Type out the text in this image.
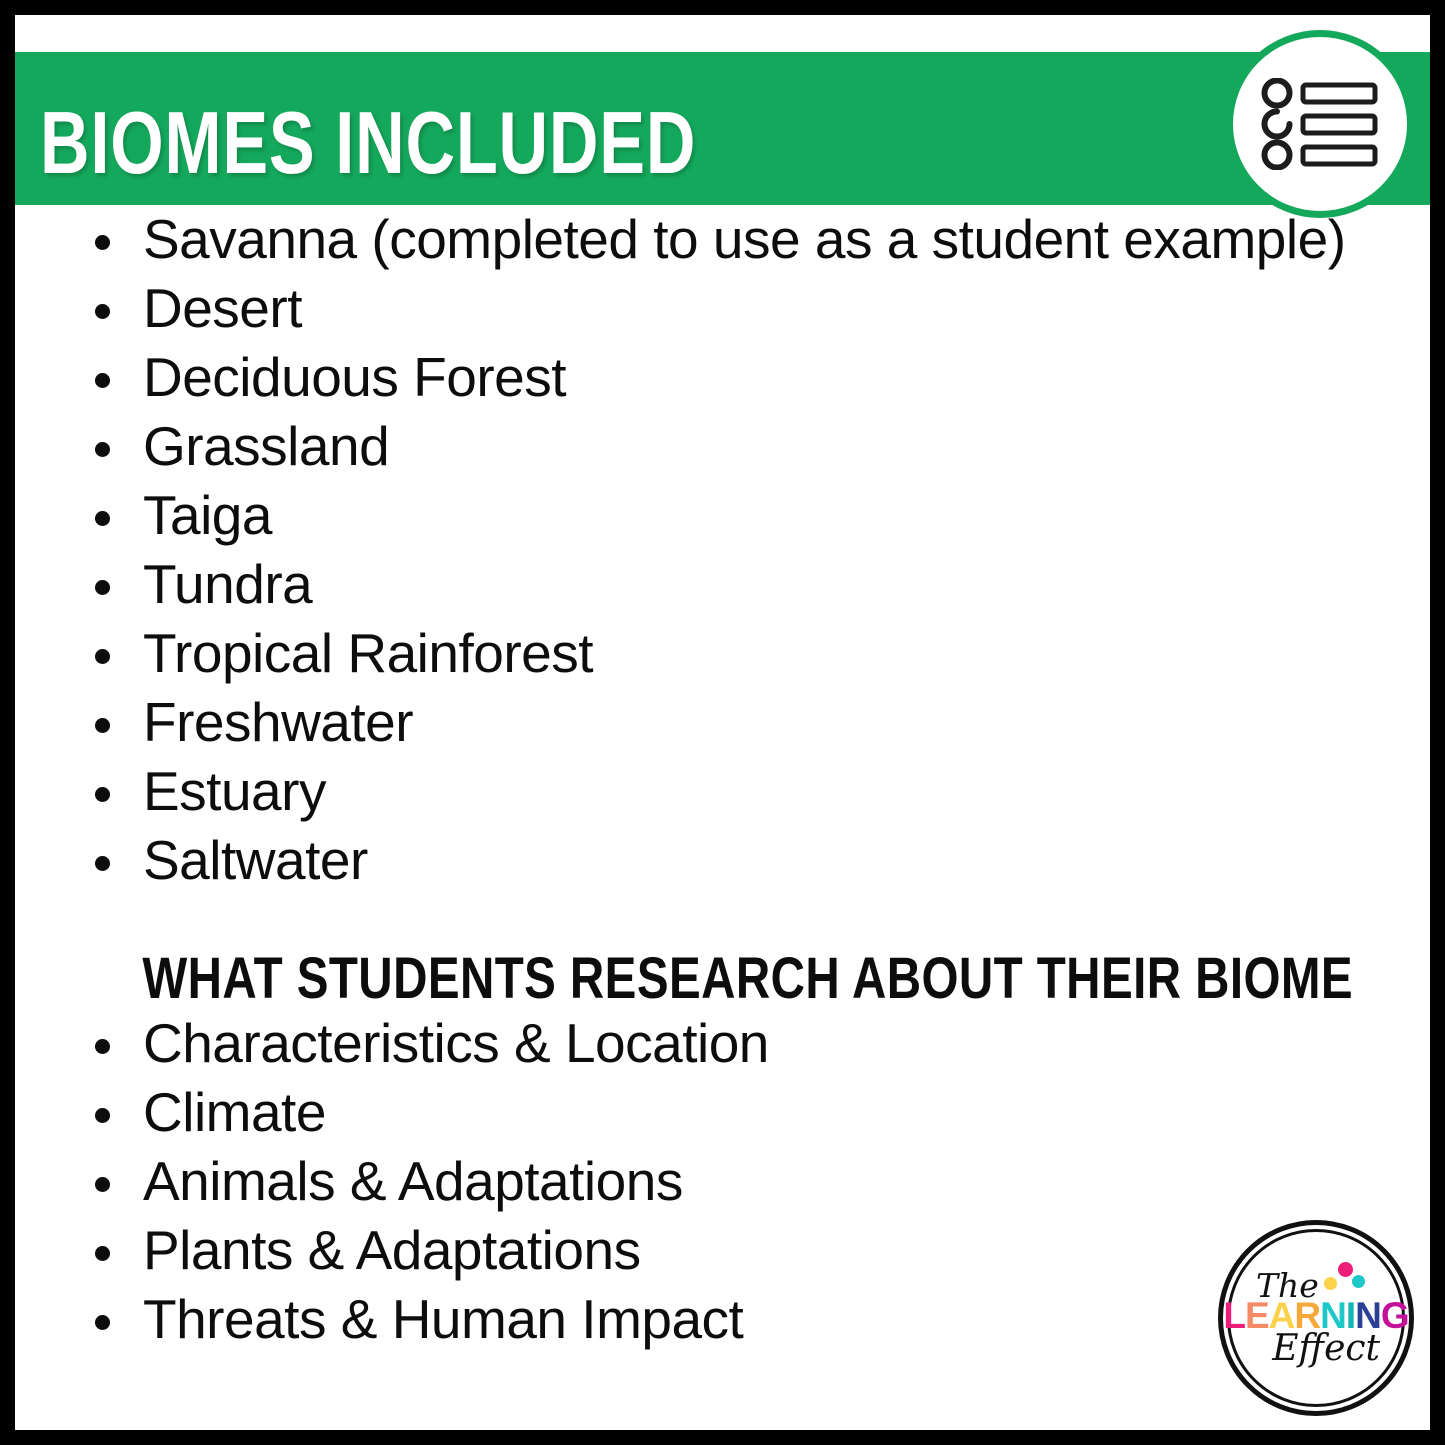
BIOMES INCLUDED
Savanna (completed to use as a student example)
Desert
Deciduous Forest
Grassland
Taiga
Tundra
Tropical Rainforest
Freshwater
Estuary
Saltwater
WHAT STUDENTS RESEARCH ABOUT THEIR BIOME
Characteristics & Location
Climate
Animals & Adaptations
Plants & Adaptations
Threats & Human Impact
The
LEARNING
Effect
